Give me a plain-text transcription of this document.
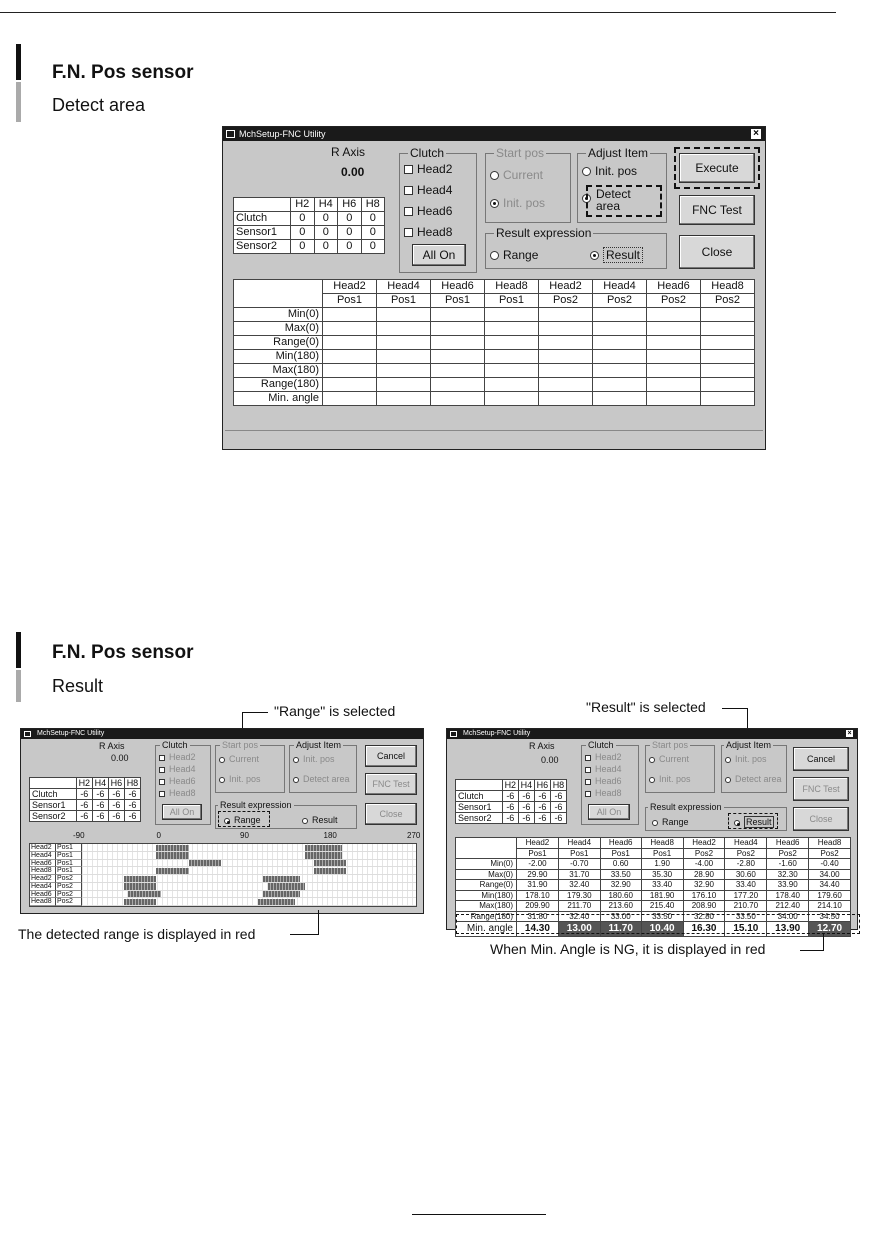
F.N. Pos sensor
Detect area
MchSetup-FNC Utility	×
R Axis
0.00
	H2	H4	H6	H8
Clutch	0	0	0	0
Sensor1	0	0	0	0
Sensor2	0	0	0	0
Clutch
Head2
Head4
Head6
Head8
All On
Start pos
Current
Init. pos
Adjust Item
Init. pos
Detect area
Result expression
Range	Result
Execute
FNC Test
Close
	Head2	Head4	Head6	Head8	Head2	Head4	Head6	Head8
	Pos1	Pos1	Pos1	Pos1	Pos2	Pos2	Pos2	Pos2
Min(0)								
Max(0)								
Range(0)								
Min(180)								
Max(180)								
Range(180)								
Min. angle								
F.N. Pos sensor
Result
"Range" is selected	"Result" is selected
MchSetup-FNC Utility
R Axis
0.00
	H2	H4	H6	H8
Clutch	-6	-6	-6	-6
Sensor1	-6	-6	-6	-6
Sensor2	-6	-6	-6	-6
Clutch
Head2
Head4
Head6
Head8
All On
Start pos
Current
Init. pos
Adjust Item
Init. pos
Detect area
Result expression
Range	Result
Cancel
FNC Test
Close
-90	0	90	180	270
Head2 Pos1
Head4 Pos1
Head6 Pos1
Head8 Pos1
Head2 Pos2
Head4 Pos2
Head6 Pos2
Head8 Pos2
MchSetup-FNC Utility	×
R Axis
0.00
	H2	H4	H6	H8
Clutch	-6	-6	-6	-6
Sensor1	-6	-6	-6	-6
Sensor2	-6	-6	-6	-6
Clutch
Head2
Head4
Head6
Head8
All On
Start pos
Current
Init. pos
Adjust Item
Init. pos
Detect area
Result expression
Range	Result
Cancel
FNC Test
Close
	Head2	Head4	Head6	Head8	Head2	Head4	Head6	Head8
	Pos1	Pos1	Pos1	Pos1	Pos2	Pos2	Pos2	Pos2
Min(0)	-2.00	-0.70	0.60	1.90	-4.00	-2.80	-1.60	-0.40
Max(0)	29.90	31.70	33.50	35.30	28.90	30.60	32.30	34.00
Range(0)	31.90	32.40	32.90	33.40	32.90	33.40	33.90	34.40
Min(180)	178.10	179.30	180.60	181.90	176.10	177.20	178.40	179.60
Max(180)	209.90	211.70	213.60	215.40	208.90	210.70	212.40	214.10
Range(180)	31.80	32.40	33.00	33.50	32.80	33.50	34.00	34.50
Min. angle	14.30	13.00	11.70	10.40	16.30	15.10	13.90	12.70
The detected range is displayed in red
When Min. Angle is NG, it is displayed in red
